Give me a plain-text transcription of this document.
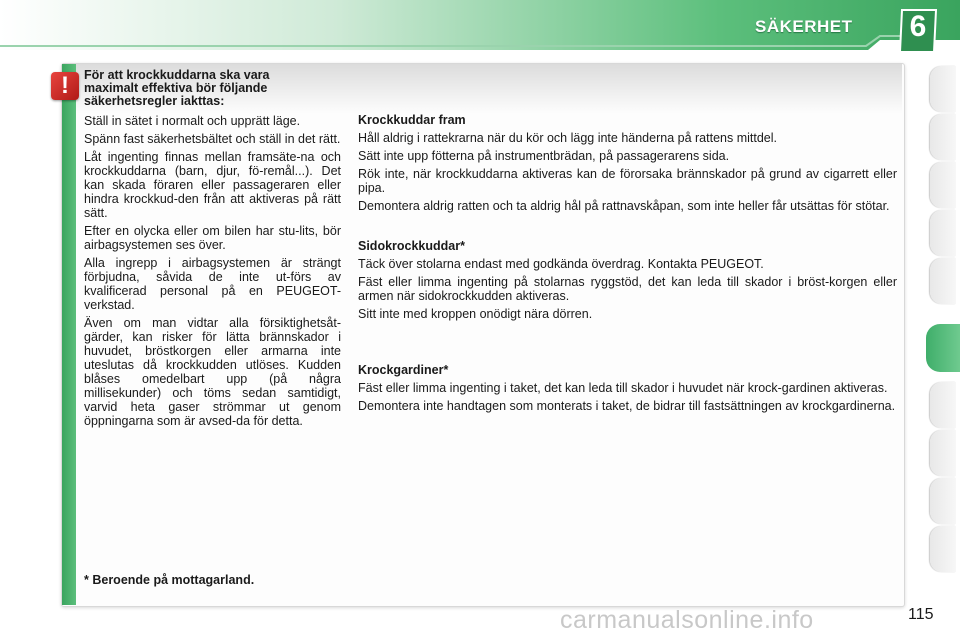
SÄKERHET	6
!	För att krockkuddarna ska vara maximalt effektiva bör följande säkerhetsregler iakttas:

Ställ in sätet i normalt och upprätt läge.

Spänn fast säkerhetsbältet och ställ in det rätt.

Låt ingenting finnas mellan framsäte-na och krockkuddarna (barn, djur, fö-remål...). Det kan skada föraren eller passageraren eller hindra krockkud-den från att aktiveras på rätt sätt.

Efter en olycka eller om bilen har stu-lits, bör airbagsystemen ses över.

Alla ingrepp i airbagsystemen är strängt förbjudna, såvida de inte ut-förs av kvalificerad personal på en PEUGEOT-verkstad.

Även om man vidtar alla försiktighetsåt-gärder, kan risker för lätta brännskador i huvudet, bröstkorgen eller armarna inte uteslutas då krockkudden utlöses. Kudden blåses omedelbart upp (på några millisekunder) och töms sedan samtidigt, varvid heta gaser strömmar ut genom öppningarna som är avsed-da för detta.

Krockkuddar fram

Håll aldrig i rattekrarna när du kör och lägg inte händerna på rattens mittdel.

Sätt inte upp fötterna på instrumentbrädan, på passagerarens sida.

Rök inte, när krockkuddarna aktiveras kan de förorsaka brännskador på grund av cigarrett eller pipa.

Demontera aldrig ratten och ta aldrig hål på rattnavskåpan, som inte heller får utsättas för stötar.

Sidokrockkuddar*

Täck över stolarna endast med godkända överdrag. Kontakta PEUGEOT.

Fäst eller limma ingenting på stolarnas ryggstöd, det kan leda till skador i bröst-korgen eller armen när sidokrockkudden aktiveras.

Sitt inte med kroppen onödigt nära dörren.

Krockgardiner*

Fäst eller limma ingenting i taket, det kan leda till skador i huvudet när krock-gardinen aktiveras.

Demontera inte handtagen som monterats i taket, de bidrar till fastsättningen av krockgardinerna.

* Beroende på mottagarland.
carmanualsonline.info	115
